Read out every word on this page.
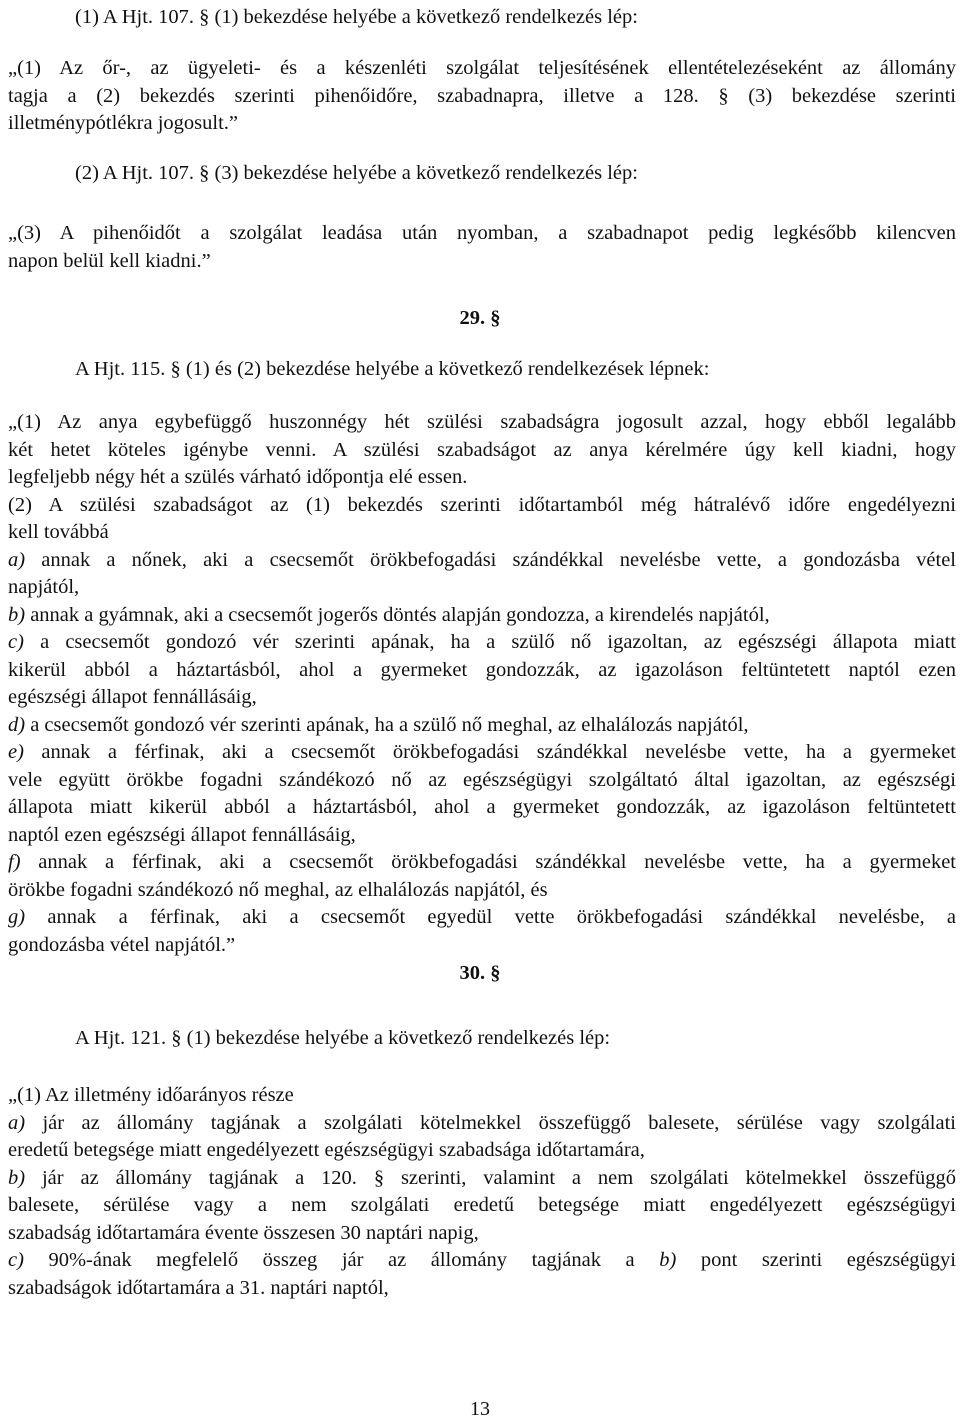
(1) A Hjt. 107. § (1) bekezdése helyébe a következő rendelkezés lép:

„(1) Az őr-, az ügyeleti- és a készenléti szolgálat teljesítésének ellentételezéseként az állomány
tagja a (2) bekezdés szerinti pihenőidőre, szabadnapra, illetve a 128. § (3) bekezdése szerinti
illetménypótlékra jogosult.”

(2) A Hjt. 107. § (3) bekezdése helyébe a következő rendelkezés lép:

„(3) A pihenőidőt a szolgálat leadása után nyomban, a szabadnapot pedig legkésőbb kilencven
napon belül kell kiadni.”

29. §

A Hjt. 115. § (1) és (2) bekezdése helyébe a következő rendelkezések lépnek:

„(1) Az anya egybefüggő huszonnégy hét szülési szabadságra jogosult azzal, hogy ebből legalább
két hetet köteles igénybe venni. A szülési szabadságot az anya kérelmére úgy kell kiadni, hogy
legfeljebb négy hét a szülés várható időpontja elé essen.
(2) A szülési szabadságot az (1) bekezdés szerinti időtartamból még hátralévő időre engedélyezni
kell továbbá
a) annak a nőnek, aki a csecsemőt örökbefogadási szándékkal nevelésbe vette, a gondozásba vétel
napjától,
b) annak a gyámnak, aki a csecsemőt jogerős döntés alapján gondozza, a kirendelés napjától,
c) a csecsemőt gondozó vér szerinti apának, ha a szülő nő igazoltan, az egészségi állapota miatt
kikerül abból a háztartásból, ahol a gyermeket gondozzák, az igazoláson feltüntetett naptól ezen
egészségi állapot fennállásáig,
d) a csecsemőt gondozó vér szerinti apának, ha a szülő nő meghal, az elhalálozás napjától,
e) annak a férfinak, aki a csecsemőt örökbefogadási szándékkal nevelésbe vette, ha a gyermeket
vele együtt örökbe fogadni szándékozó nő az egészségügyi szolgáltató által igazoltan, az egészségi
állapota miatt kikerül abból a háztartásból, ahol a gyermeket gondozzák, az igazoláson feltüntetett
naptól ezen egészségi állapot fennállásáig,
f) annak a férfinak, aki a csecsemőt örökbefogadási szándékkal nevelésbe vette, ha a gyermeket
örökbe fogadni szándékozó nő meghal, az elhalálozás napjától, és
g) annak a férfinak, aki a csecsemőt egyedül vette örökbefogadási szándékkal nevelésbe, a
gondozásba vétel napjától.”

30. §

A Hjt. 121. § (1) bekezdése helyébe a következő rendelkezés lép:

„(1) Az illetmény időarányos része
a) jár az állomány tagjának a szolgálati kötelmekkel összefüggő balesete, sérülése vagy szolgálati
eredetű betegsége miatt engedélyezett egészségügyi szabadsága időtartamára,
b) jár az állomány tagjának a 120. § szerinti, valamint a nem szolgálati kötelmekkel összefüggő
balesete, sérülése vagy a nem szolgálati eredetű betegsége miatt engedélyezett egészségügyi
szabadság időtartamára évente összesen 30 naptári napig,
c) 90%-ának megfelelő összeg jár az állomány tagjának a b) pont szerinti egészségügyi
szabadságok időtartamára a 31. naptári naptól,
13
